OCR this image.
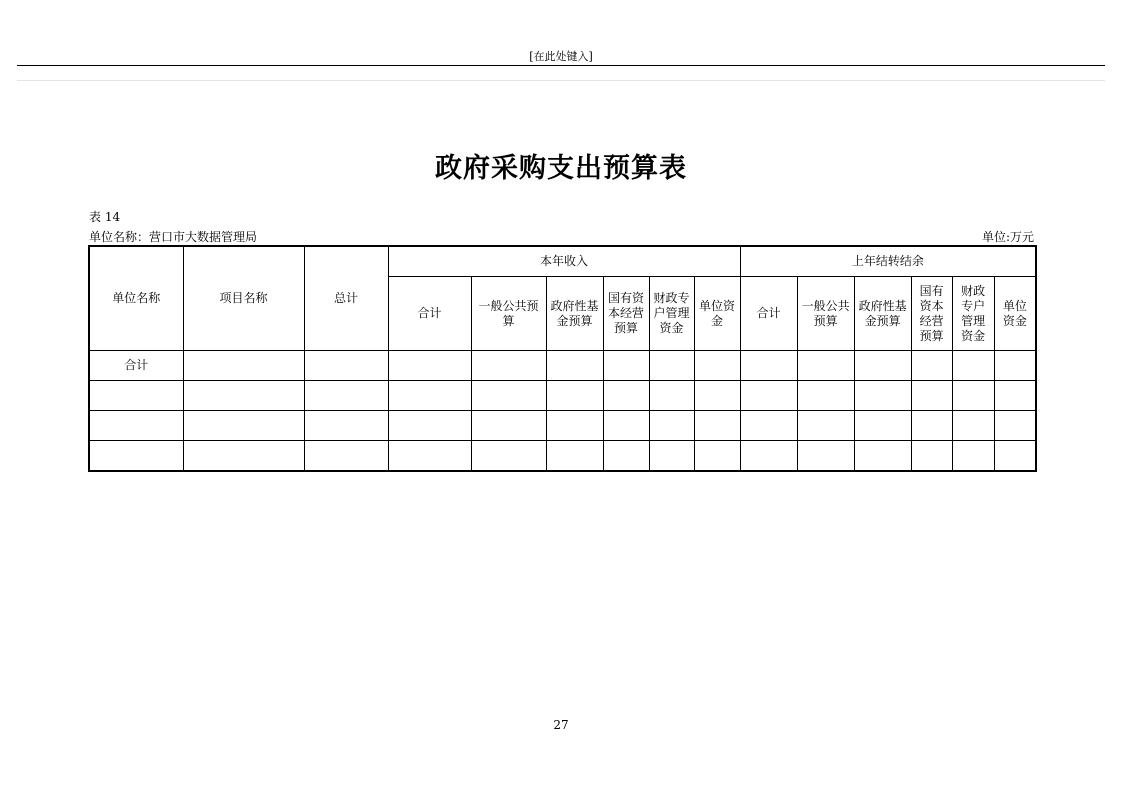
[在此处键入]
政府采购支出预算表
表 14
单位名称：营口市大数据管理局	单位:万元
单位名称	项目名称	总计	本年收入						上年结转结余					
			合计	一般公共预算	政府性基金预算	国有资本经营预算	财政专户管理资金	单位资金	合计	一般公共预算	政府性基金预算	国有资本经营预算	财政专户管理资金	单位资金
合计														

27
